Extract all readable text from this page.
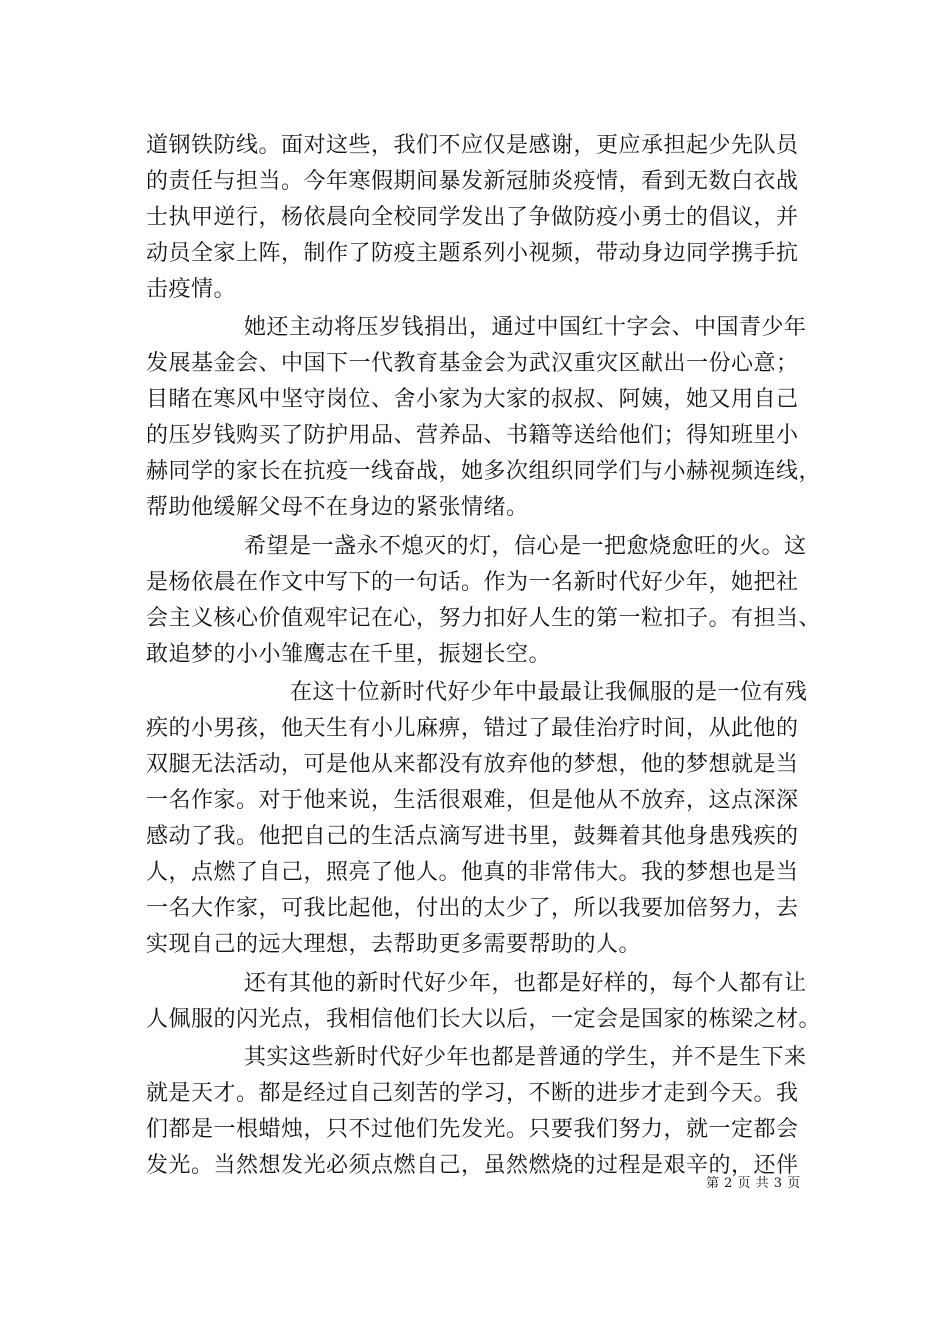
道钢铁防线。面对这些，我们不应仅是感谢，更应承担起少先队员
的责任与担当。今年寒假期间暴发新冠肺炎疫情，看到无数白衣战
士执甲逆行，杨依晨向全校同学发出了争做防疫小勇士的倡议，并
动员全家上阵，制作了防疫主题系列小视频，带动身边同学携手抗
击疫情。
她还主动将压岁钱捐出，通过中国红十字会、中国青少年
发展基金会、中国下一代教育基金会为武汉重灾区献出一份心意；
目睹在寒风中坚守岗位、舍小家为大家的叔叔、阿姨，她又用自己
的压岁钱购买了防护用品、营养品、书籍等送给他们；得知班里小
赫同学的家长在抗疫一线奋战，她多次组织同学们与小赫视频连线，
帮助他缓解父母不在身边的紧张情绪。
希望是一盏永不熄灭的灯，信心是一把愈烧愈旺的火。这
是杨依晨在作文中写下的一句话。作为一名新时代好少年，她把社
会主义核心价值观牢记在心，努力扣好人生的第一粒扣子。有担当、
敢追梦的小小雏鹰志在千里，振翅长空。
在这十位新时代好少年中最最让我佩服的是一位有残
疾的小男孩，他天生有小儿麻痹，错过了最佳治疗时间，从此他的
双腿无法活动，可是他从来都没有放弃他的梦想，他的梦想就是当
一名作家。对于他来说，生活很艰难，但是他从不放弃，这点深深
感动了我。他把自己的生活点滴写进书里，鼓舞着其他身患残疾的
人，点燃了自己，照亮了他人。他真的非常伟大。我的梦想也是当
一名大作家，可我比起他，付出的太少了，所以我要加倍努力，去
实现自己的远大理想，去帮助更多需要帮助的人。
还有其他的新时代好少年，也都是好样的，每个人都有让
人佩服的闪光点，我相信他们长大以后，一定会是国家的栋梁之材。
其实这些新时代好少年也都是普通的学生，并不是生下来
就是天才。都是经过自己刻苦的学习，不断的进步才走到今天。我
们都是一根蜡烛，只不过他们先发光。只要我们努力，就一定都会
发光。当然想发光必须点燃自己，虽然燃烧的过程是艰辛的，还伴
第 2 页 共 3 页
